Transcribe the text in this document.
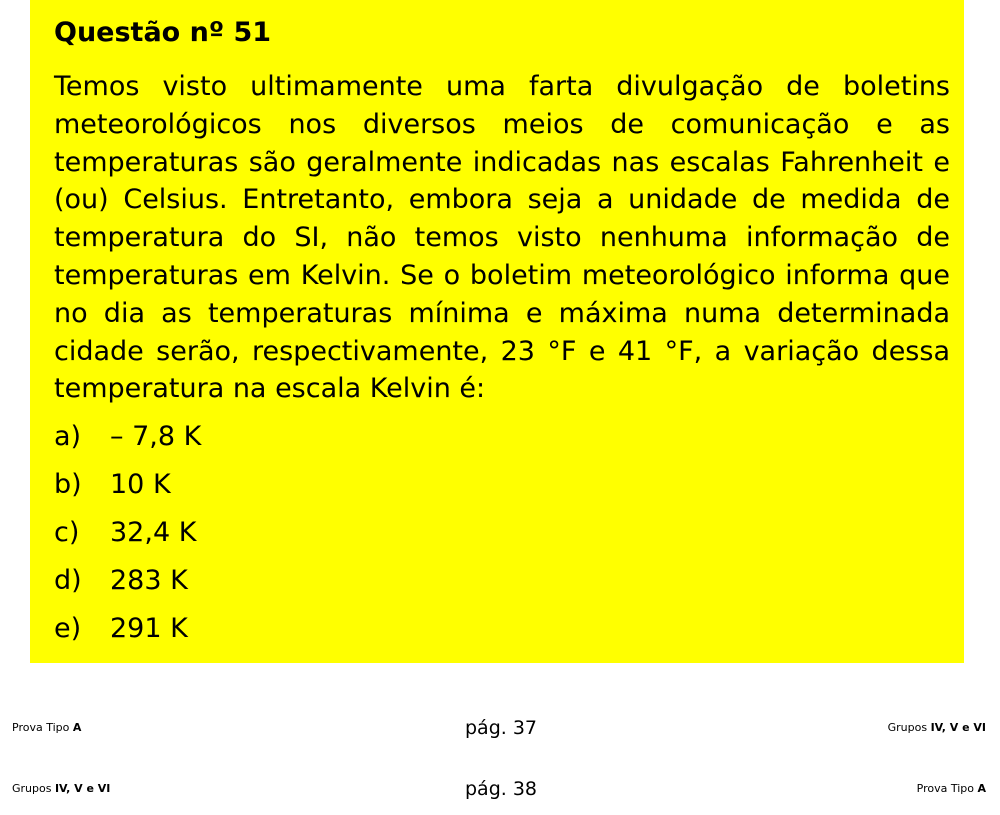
Questão nº 51

Temos visto ultimamente uma farta divulgação de boletins meteorológicos nos diversos meios de comunicação e as temperaturas são geralmente indicadas nas escalas Fahrenheit e (ou) Celsius. Entretanto, embora seja a unidade de medida de temperatura do SI, não temos visto nenhuma informação de temperaturas em Kelvin. Se o boletim meteorológico informa que no dia as temperaturas mínima e máxima numa determinada cidade serão, respectivamente, 23 °F e 41 °F, a variação dessa temperatura na escala Kelvin é:

a) – 7,8 K
b) 10 K
c) 32,4 K
d) 283 K
e) 291 K
Prova Tipo A	pág. 37	Grupos IV, V e VI
Grupos IV, V e VI	pág. 38	Prova Tipo A
